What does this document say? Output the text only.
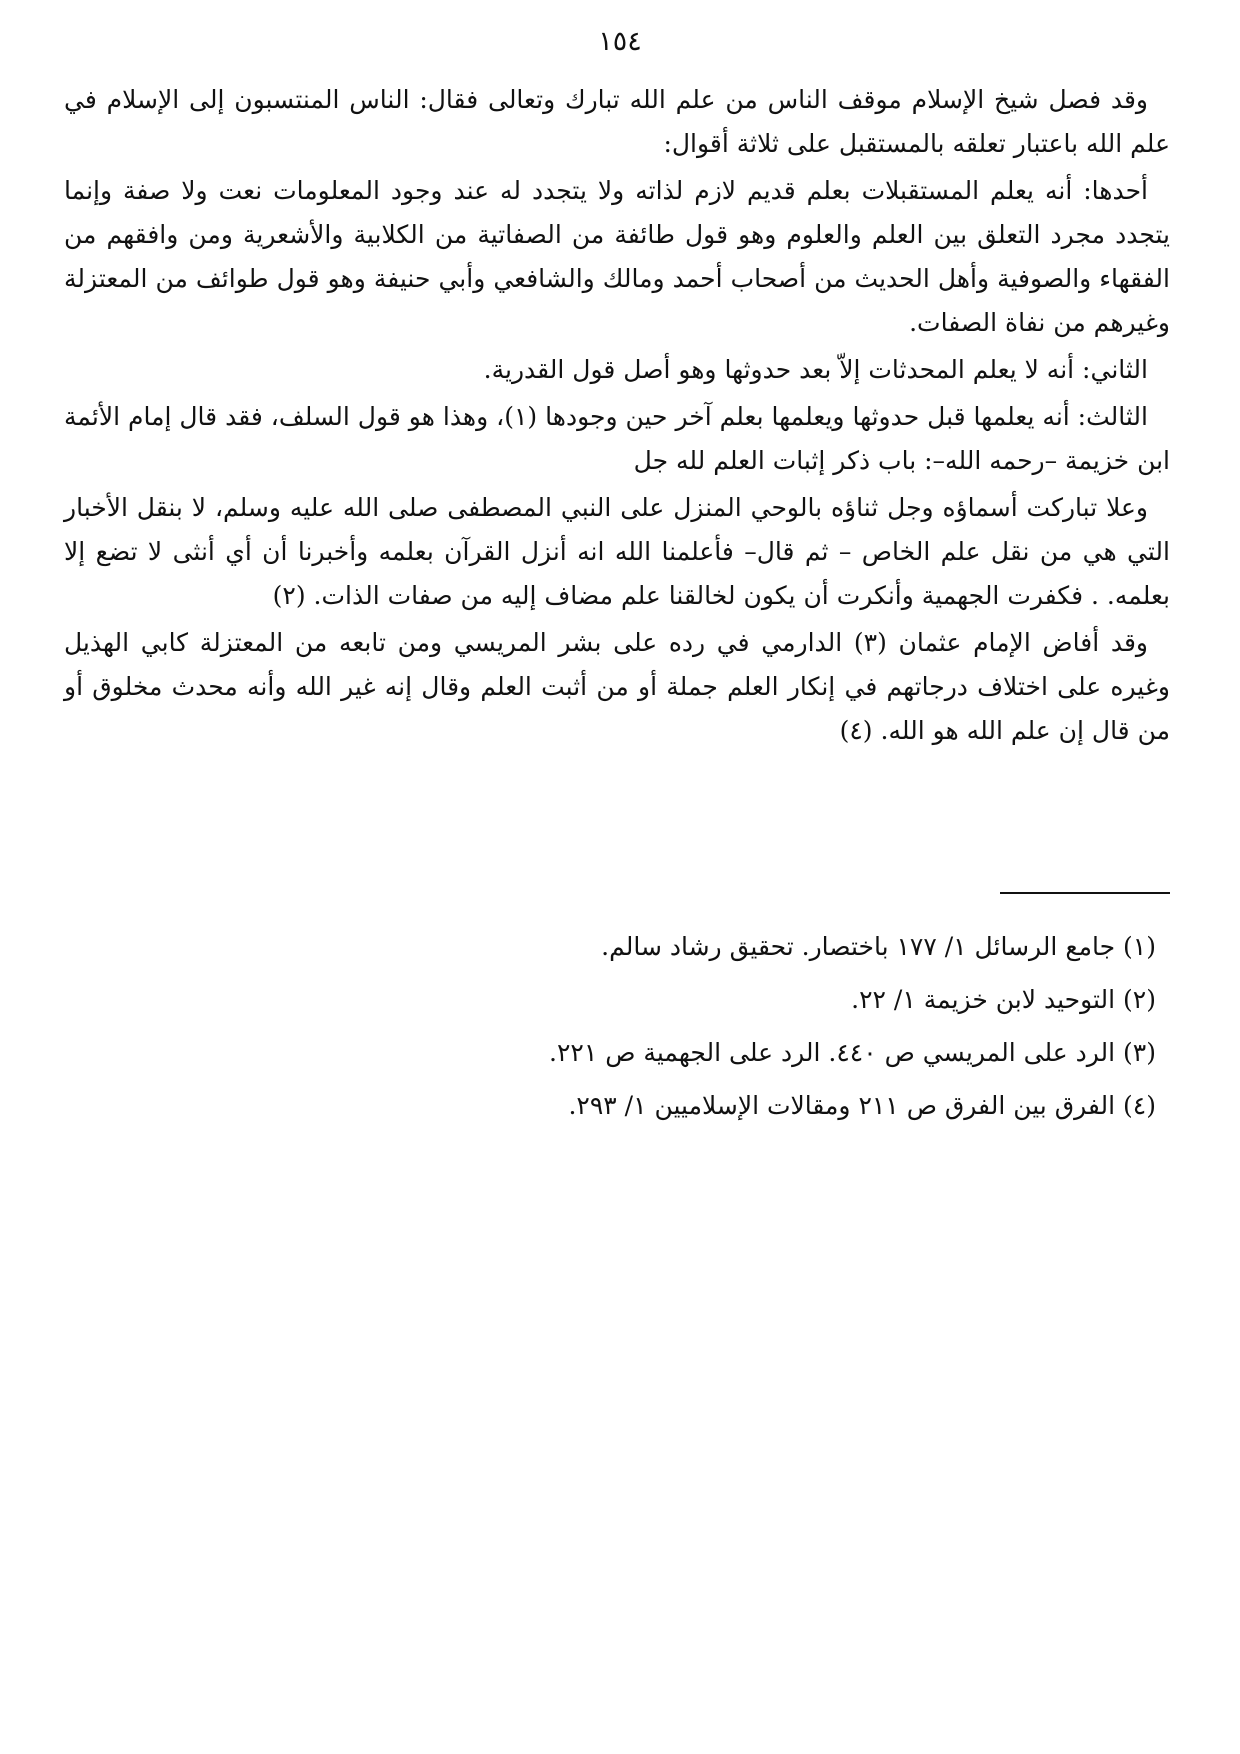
١٥٤

وقد فصل شيخ الإسلام موقف الناس من علم الله تبارك وتعالى فقال: الناس المنتسبون إلى الإسلام في علم الله باعتبار تعلقه بالمستقبل على ثلاثة أقوال:

أحدها: أنه يعلم المستقبلات بعلم قديم لازم لذاته ولا يتجدد له عند وجود المعلومات نعت ولا صفة وإنما يتجدد مجرد التعلق بين العلم والعلوم وهو قول طائفة من الصفاتية من الكلابية والأشعرية ومن وافقهم من الفقهاء والصوفية وأهل الحديث من أصحاب أحمد ومالك والشافعي وأبي حنيفة وهو قول طوائف من المعتزلة وغيرهم من نفاة الصفات.

الثاني: أنه لا يعلم المحدثات إلاّ بعد حدوثها وهو أصل قول القدرية.

الثالث: أنه يعلمها قبل حدوثها ويعلمها بعلم آخر حين وجودها (١)، وهذا هو قول السلف، فقد قال إمام الأئمة ابن خزيمة –رحمه الله–: باب ذكر إثبات العلم لله جل

وعلا تباركت أسماؤه وجل ثناؤه بالوحي المنزل على النبي المصطفى صلى الله عليه وسلم، لا بنقل الأخبار التي هي من نقل علم الخاص – ثم قال– فأعلمنا الله انه أنزل القرآن بعلمه وأخبرنا أن أي أنثى لا تضع إلا بعلمه. . فكفرت الجهمية وأنكرت أن يكون لخالقنا علم مضاف إليه من صفات الذات. (٢)

وقد أفاض الإمام عثمان (٣) الدارمي في رده على بشر المريسي ومن تابعه من المعتزلة كابي الهذيل وغيره على اختلاف درجاتهم في إنكار العلم جملة أو من أثبت العلم وقال إنه غير الله وأنه محدث مخلوق أو من قال إن علم الله هو الله. (٤)

(١) جامع الرسائل ١/ ١٧٧ باختصار. تحقيق رشاد سالم.

(٢) التوحيد لابن خزيمة ١/ ٢٢.

(٣) الرد على المريسي ص ٤٤٠. الرد على الجهمية ص ٢٢١.

(٤) الفرق بين الفرق ص ٢١١ ومقالات الإسلاميين ١/ ٢٩٣.
